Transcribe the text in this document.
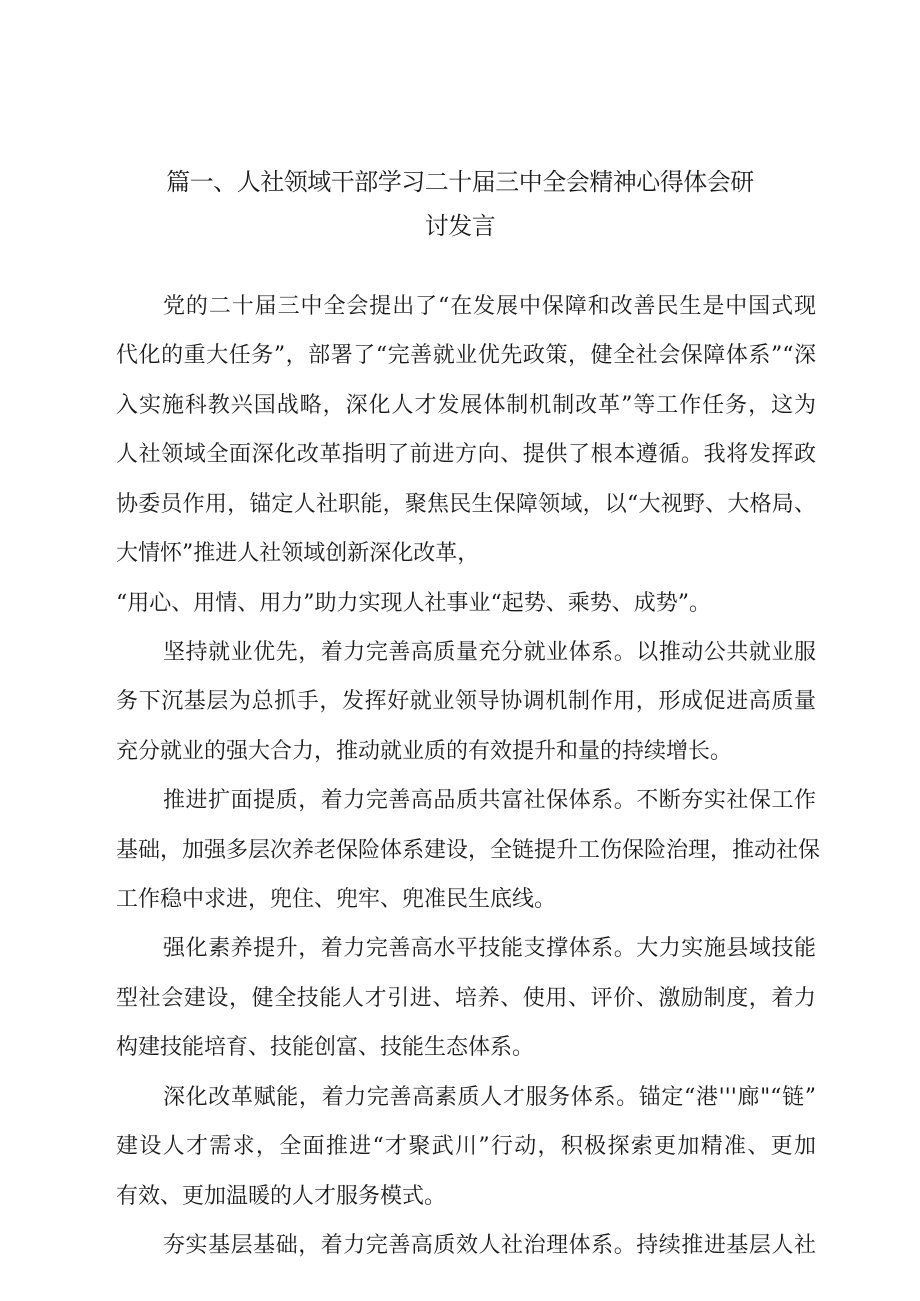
篇一、人社领域干部学习二十届三中全会精神心得体会研
讨发言
党的二十届三中全会提出了“在发展中保障和改善民生是中国式现
代化的重大任务”，部署了“完善就业优先政策，健全社会保障体系”“深
入实施科教兴国战略，深化人才发展体制机制改革”等工作任务，这为
人社领域全面深化改革指明了前进方向、提供了根本遵循。我将发挥政
协委员作用，锚定人社职能，聚焦民生保障领域，以“大视野、大格局、
大情怀”推进人社领域创新深化改革，
“用心、用情、用力”助力实现人社事业“起势、乘势、成势”。
坚持就业优先，着力完善高质量充分就业体系。以推动公共就业服
务下沉基层为总抓手，发挥好就业领导协调机制作用，形成促进高质量
充分就业的强大合力，推动就业质的有效提升和量的持续增长。
推进扩面提质，着力完善高品质共富社保体系。不断夯实社保工作
基础，加强多层次养老保险体系建设，全链提升工伤保险治理，推动社保
工作稳中求进，兜住、兜牢、兜准民生底线。
强化素养提升，着力完善高水平技能支撑体系。大力实施县域技能
型社会建设，健全技能人才引进、培养、使用、评价、激励制度，着力
构建技能培育、技能创富、技能生态体系。
深化改革赋能，着力完善高素质人才服务体系。锚定“港'''廊"“链”
建设人才需求，全面推进“才聚武川”行动，积极探索更加精准、更加
有效、更加温暖的人才服务模式。
夯实基层基础，着力完善高质效人社治理体系。持续推进基层人社
